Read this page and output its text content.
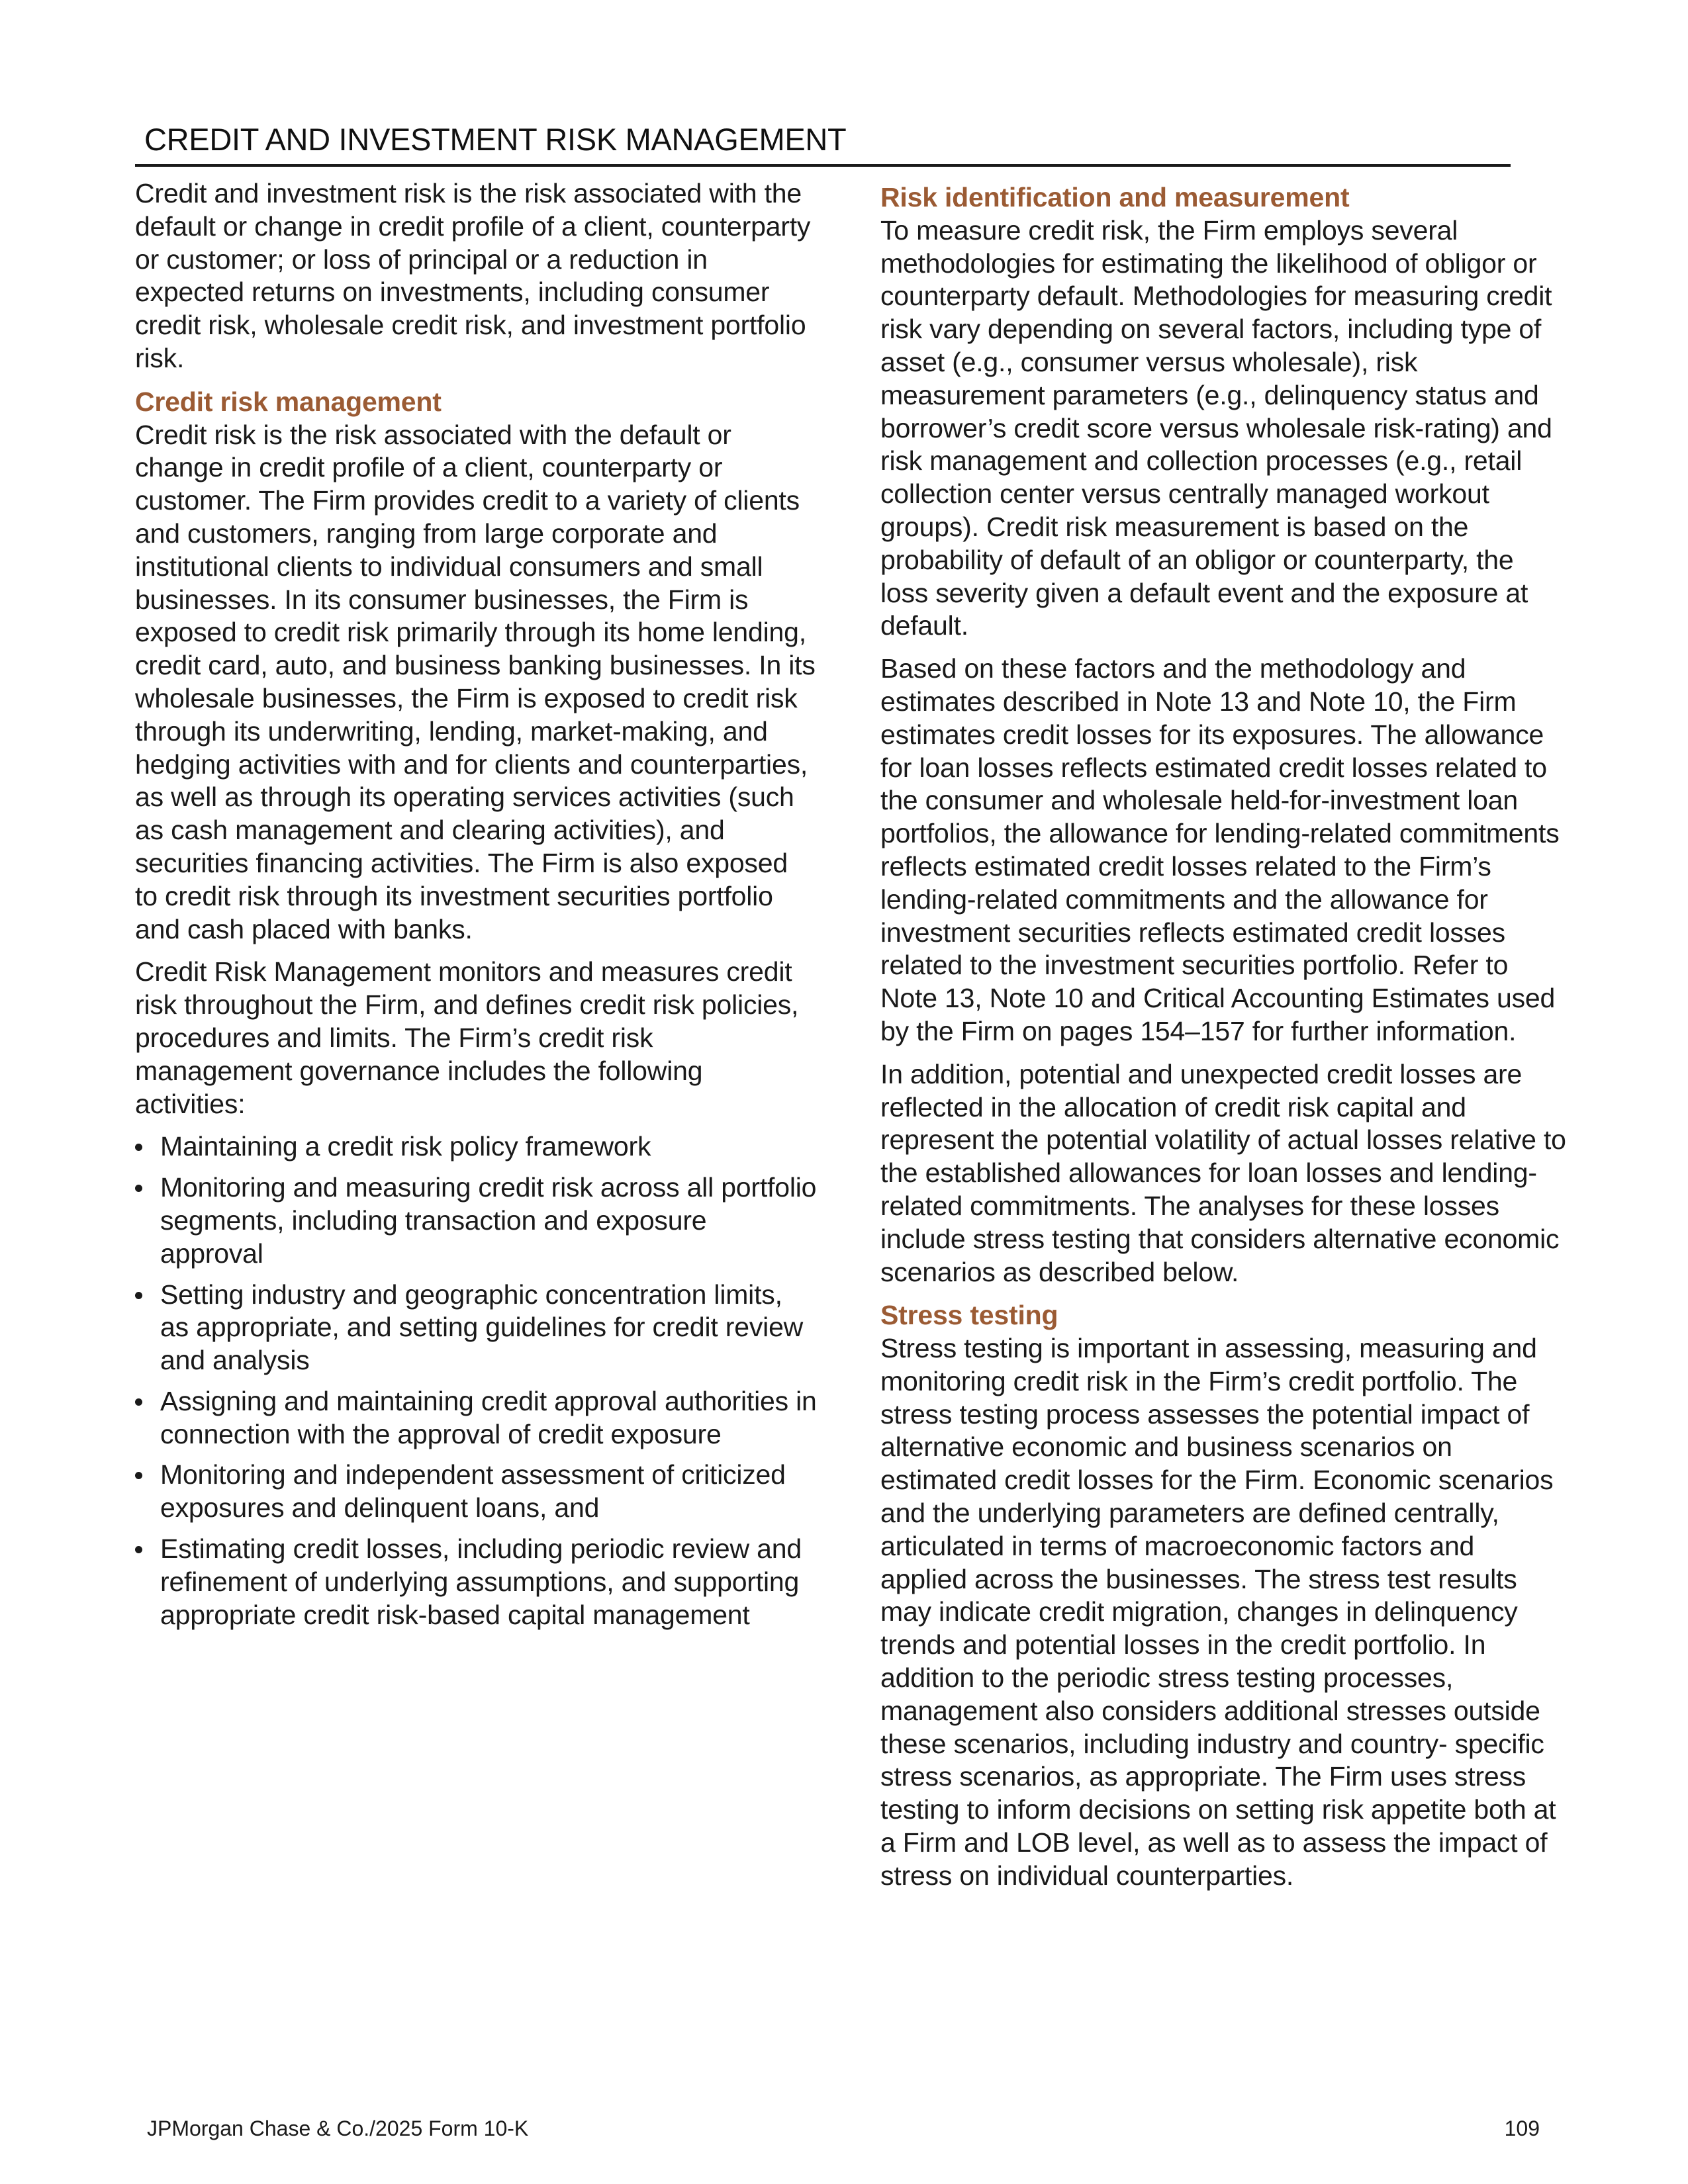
CREDIT AND INVESTMENT RISK MANAGEMENT

Credit and investment risk is the risk associated with the default or change in credit profile of a client, counterparty or customer; or loss of principal or a reduction in expected returns on investments, including consumer credit risk, wholesale credit risk, and investment portfolio risk.

Credit risk management

Credit risk is the risk associated with the default or change in credit profile of a client, counterparty or customer. The Firm provides credit to a variety of clients and customers, ranging from large corporate and institutional clients to individual consumers and small businesses. In its consumer businesses, the Firm is exposed to credit risk primarily through its home lending, credit card, auto, and business banking businesses. In its wholesale businesses, the Firm is exposed to credit risk through its underwriting, lending, market-making, and hedging activities with and for clients and counterparties, as well as through its operating services activities (such as cash management and clearing activities), and securities financing activities. The Firm is also exposed to credit risk through its investment securities portfolio and cash placed with banks.

Credit Risk Management monitors and measures credit risk throughout the Firm, and defines credit risk policies, procedures and limits. The Firm’s credit risk management governance includes the following activities:

Maintaining a credit risk policy framework
Monitoring and measuring credit risk across all portfolio segments, including transaction and exposure approval
Setting industry and geographic concentration limits, as appropriate, and setting guidelines for credit review and analysis
Assigning and maintaining credit approval authorities in connection with the approval of credit exposure
Monitoring and independent assessment of criticized exposures and delinquent loans, and
Estimating credit losses, including periodic review and refinement of underlying assumptions, and supporting appropriate credit risk-based capital management
Risk identification and measurement

To measure credit risk, the Firm employs several methodologies for estimating the likelihood of obligor or counterparty default. Methodologies for measuring credit risk vary depending on several factors, including type of asset (e.g., consumer versus wholesale), risk measurement parameters (e.g., delinquency status and borrower’s credit score versus wholesale risk-rating) and risk management and collection processes (e.g., retail collection center versus centrally managed workout groups). Credit risk measurement is based on the probability of default of an obligor or counterparty, the loss severity given a default event and the exposure at default.

Based on these factors and the methodology and estimates described in Note 13 and Note 10, the Firm estimates credit losses for its exposures. The allowance for loan losses reflects estimated credit losses related to the consumer and wholesale held-for-investment loan portfolios, the allowance for lending-related commitments reflects estimated credit losses related to the Firm’s lending-related commitments and the allowance for investment securities reflects estimated credit losses related to the investment securities portfolio. Refer to Note 13, Note 10 and Critical Accounting Estimates used by the Firm on pages 154–157 for further information.

In addition, potential and unexpected credit losses are reflected in the allocation of credit risk capital and represent the potential volatility of actual losses relative to the established allowances for loan losses and lending-related commitments. The analyses for these losses include stress testing that considers alternative economic scenarios as described below.

Stress testing

Stress testing is important in assessing, measuring and monitoring credit risk in the Firm’s credit portfolio. The stress testing process assesses the potential impact of alternative economic and business scenarios on estimated credit losses for the Firm. Economic scenarios and the underlying parameters are defined centrally, articulated in terms of macroeconomic factors and applied across the businesses. The stress test results may indicate credit migration, changes in delinquency trends and potential losses in the credit portfolio. In addition to the periodic stress testing processes, management also considers additional stresses outside these scenarios, including industry and country- specific stress scenarios, as appropriate. The Firm uses stress testing to inform decisions on setting risk appetite both at a Firm and LOB level, as well as to assess the impact of stress on individual counterparties.

JPMorgan Chase & Co./2025 Form 10-K	109
